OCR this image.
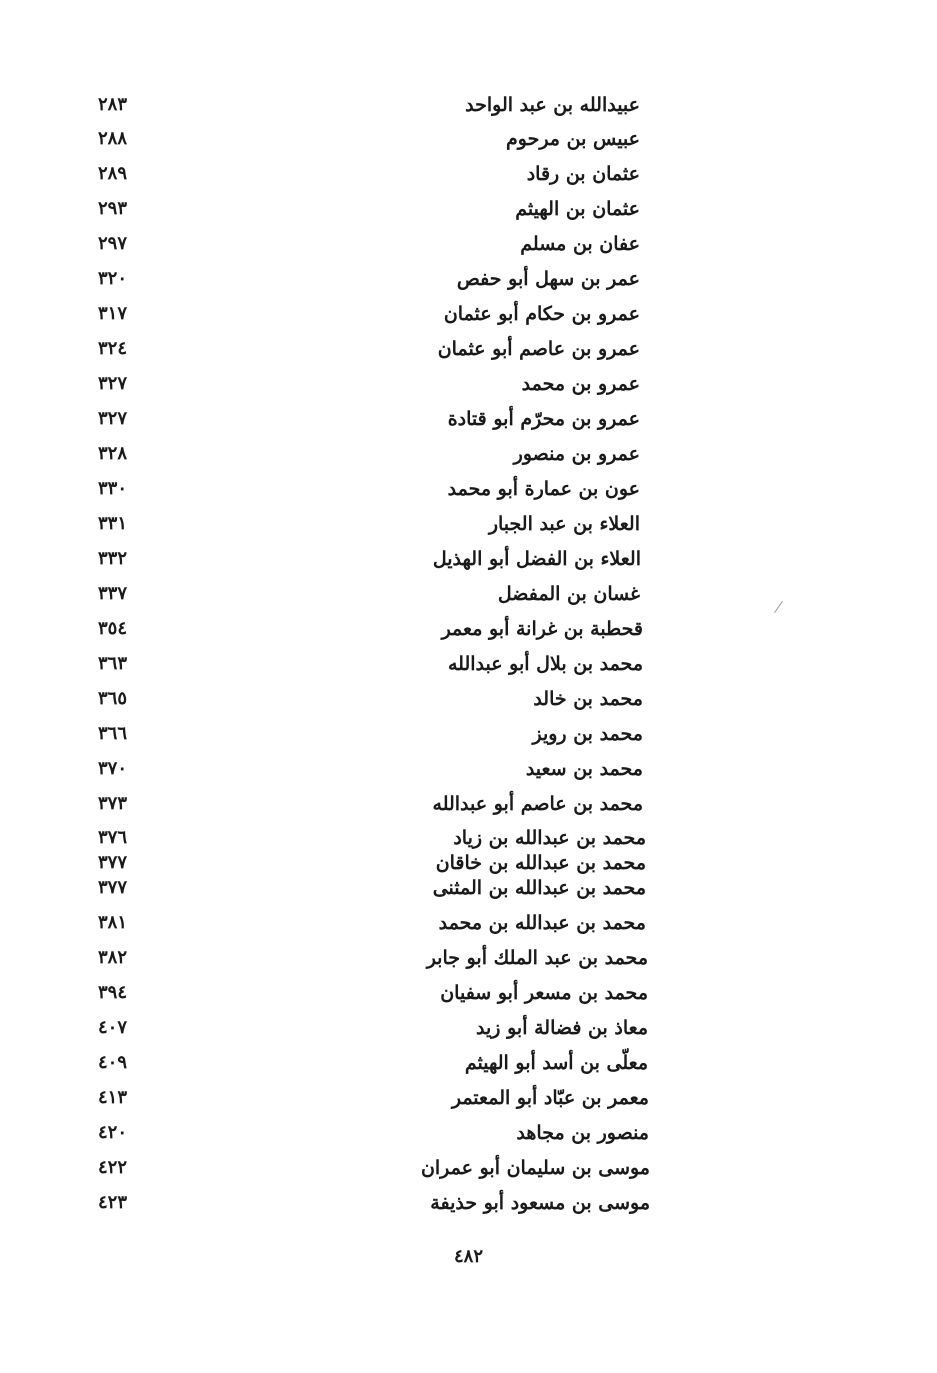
عبيدالله بن عبد الواحد
٢٨٣
عبيس بن مرحوم
٢٨٨
عثمان بن رقاد
٢٨٩
عثمان بن الهيثم
٢٩٣
عفان بن مسلم
٢٩٧
عمر بن سهل أبو حفص
٣٢٠
عمرو بن حكام أبو عثمان
٣١٧
عمرو بن عاصم أبو عثمان
٣٢٤
عمرو بن محمد
٣٢٧
عمرو بن محرّم أبو قتادة
٣٢٧
عمرو بن منصور
٣٢٨
عون بن عمارة أبو محمد
٣٣٠
العلاء بن عبد الجبار
٣٣١
العلاء بن الفضل أبو الهذيل
٣٣٢
غسان بن المفضل
٣٣٧
قحطبة بن غرانة أبو معمر
٣٥٤
محمد بن بلال أبو عبدالله
٣٦٣
محمد بن خالد
٣٦٥
محمد بن رويز
٣٦٦
محمد بن سعيد
٣٧٠
محمد بن عاصم أبو عبدالله
٣٧٣
محمد بن عبدالله بن زياد
٣٧٦
محمد بن عبدالله بن خاقان
٣٧٧
محمد بن عبدالله بن المثنى
٣٧٧
محمد بن عبدالله بن محمد
٣٨١
محمد بن عبد الملك أبو جابر
٣٨٢
محمد بن مسعر أبو سفيان
٣٩٤
معاذ بن فضالة أبو زيد
٤٠٧
معلّى بن أسد أبو الهيثم
٤٠٩
معمر بن عبّاد أبو المعتمر
٤١٣
منصور بن مجاهد
٤٢٠
موسى بن سليمان أبو عمران
٤٢٢
موسى بن مسعود أبو حذيفة
٤٢٣
٤٨٢
